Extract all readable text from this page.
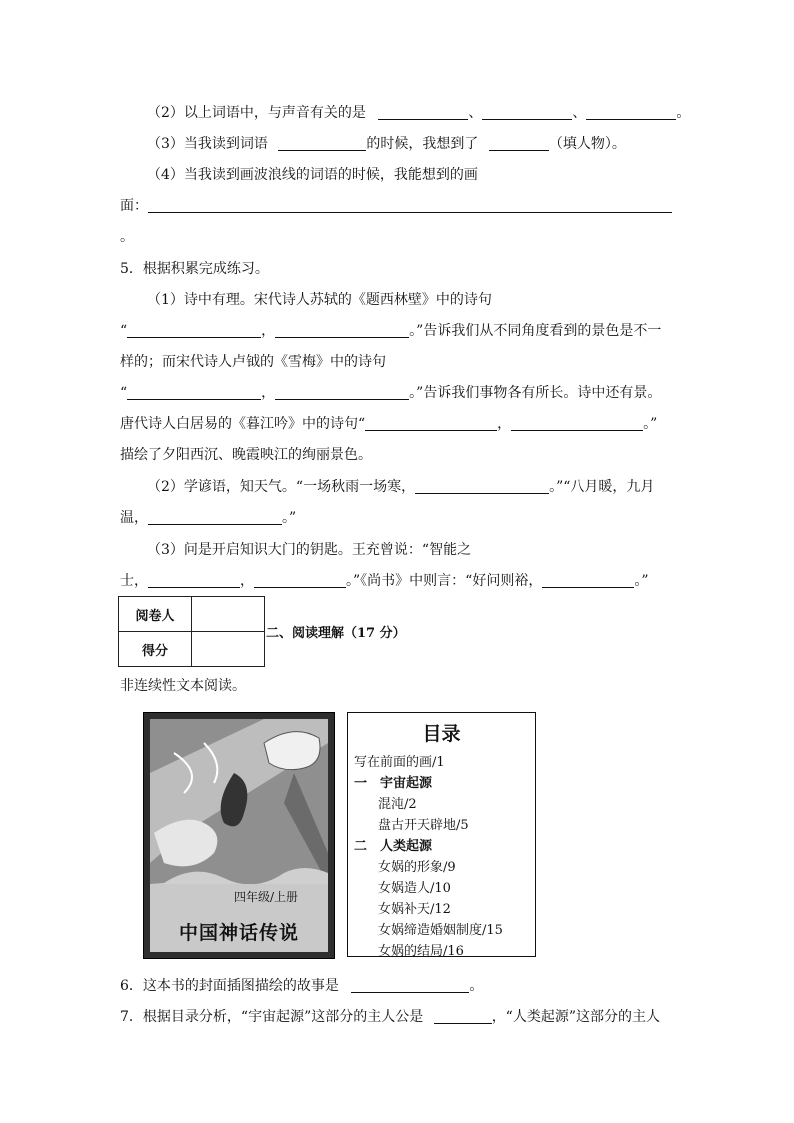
（2）以上词语中，与声音有关的是	、	、	。
（3）当我读到词语	的时候，我想到了	（填人物）。
（4）当我读到画波浪线的词语的时候，我能想到的画
面：
。
5．根据积累完成练习。
（1）诗中有理。宋代诗人苏轼的《题西林壁》中的诗句
“	，	。”告诉我们从不同角度看到的景色是不一
样的；而宋代诗人卢钺的《雪梅》中的诗句
“	，	。”告诉我们事物各有所长。诗中还有景。
唐代诗人白居易的《暮江吟》中的诗句“	，	。”
描绘了夕阳西沉、晚霞映江的绚丽景色。
（2）学谚语，知天气。“一场秋雨一场寒，	。”“八月暖，九月
温，	。”
（3）问是开启知识大门的钥匙。王充曾说：“智能之
士，	，	。”《尚书》中则言：“好问则裕，	。”
阅卷人	
得分	
二、阅读理解（17 分）
非连续性文本阅读。
四年级/上册
中国神话传说
目录
写在前面的画/1
一　宇宙起源
混沌/2
盘古开天辟地/5
二　人类起源
女娲的形象/9
女娲造人/10
女娲补天/12
女娲缔造婚姻制度/15
女娲的结局/16
6．这本书的封面插图描绘的故事是	。
7．根据目录分析，“宇宙起源”这部分的主人公是	，“人类起源”这部分的主人
